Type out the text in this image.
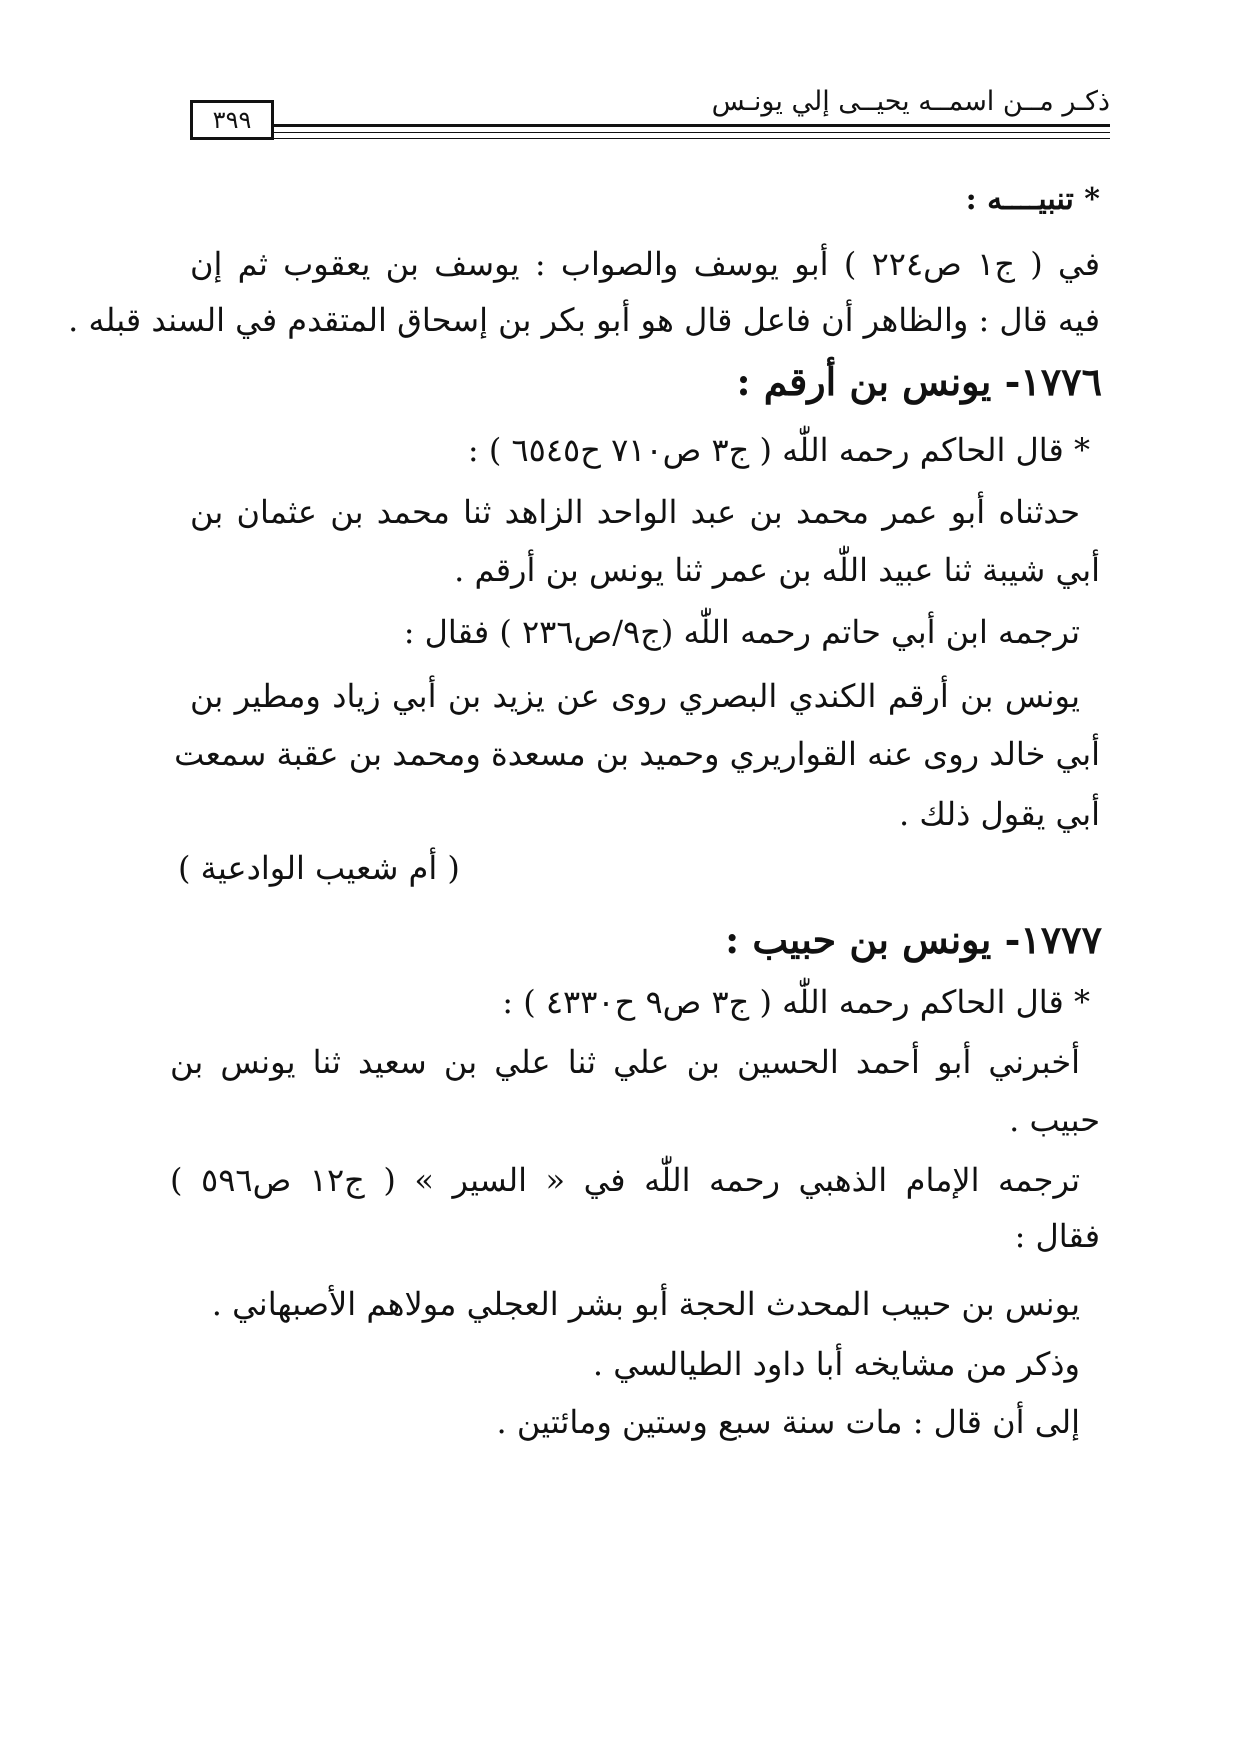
٣٩٩
ذكـر مــن اسمــه يحيــى إلي يونـس
* تنبيــــه :
في ( ج١ ص٢٢٤ ) أبو يوسف والصواب : يوسف بن يعقوب ثم إن
فيه قال : والظاهر أن فاعل قال هو أبو بكر بن إسحاق المتقدم في السند قبله .
١٧٧٦- يونس بن أرقم :
* قال الحاكم رحمه اللّٰه ( ج٣ ص٧١٠ ح٦٥٤٥ ) :
حدثناه أبو عمر محمد بن عبد الواحد الزاهد ثنا محمد بن عثمان بن
أبي شيبة ثنا عبيد اللّٰه بن عمر ثنا يونس بن أرقم .
ترجمه ابن أبي حاتم رحمه اللّٰه (ج٩/ص٢٣٦ ) فقال :
يونس بن أرقم الكندي البصري روى عن يزيد بن أبي زياد ومطير بن
أبي خالد روى عنه القواريري وحميد بن مسعدة ومحمد بن عقبة سمعت
أبي يقول ذلك .
( أم شعيب الوادعية )
١٧٧٧- يونس بن حبيب :
* قال الحاكم رحمه اللّٰه ( ج٣ ص٩ ح٤٣٣٠ ) :
أخبرني أبو أحمد الحسين بن علي ثنا علي بن سعيد ثنا يونس بن
حبيب .
ترجمه الإمام الذهبي رحمه اللّٰه في « السير » ( ج١٢ ص٥٩٦ )
فقال :
يونس بن حبيب المحدث الحجة أبو بشر العجلي مولاهم الأصبهاني .
وذكر من مشايخه أبا داود الطيالسي .
إلى أن قال : مات سنة سبع وستين ومائتين .
